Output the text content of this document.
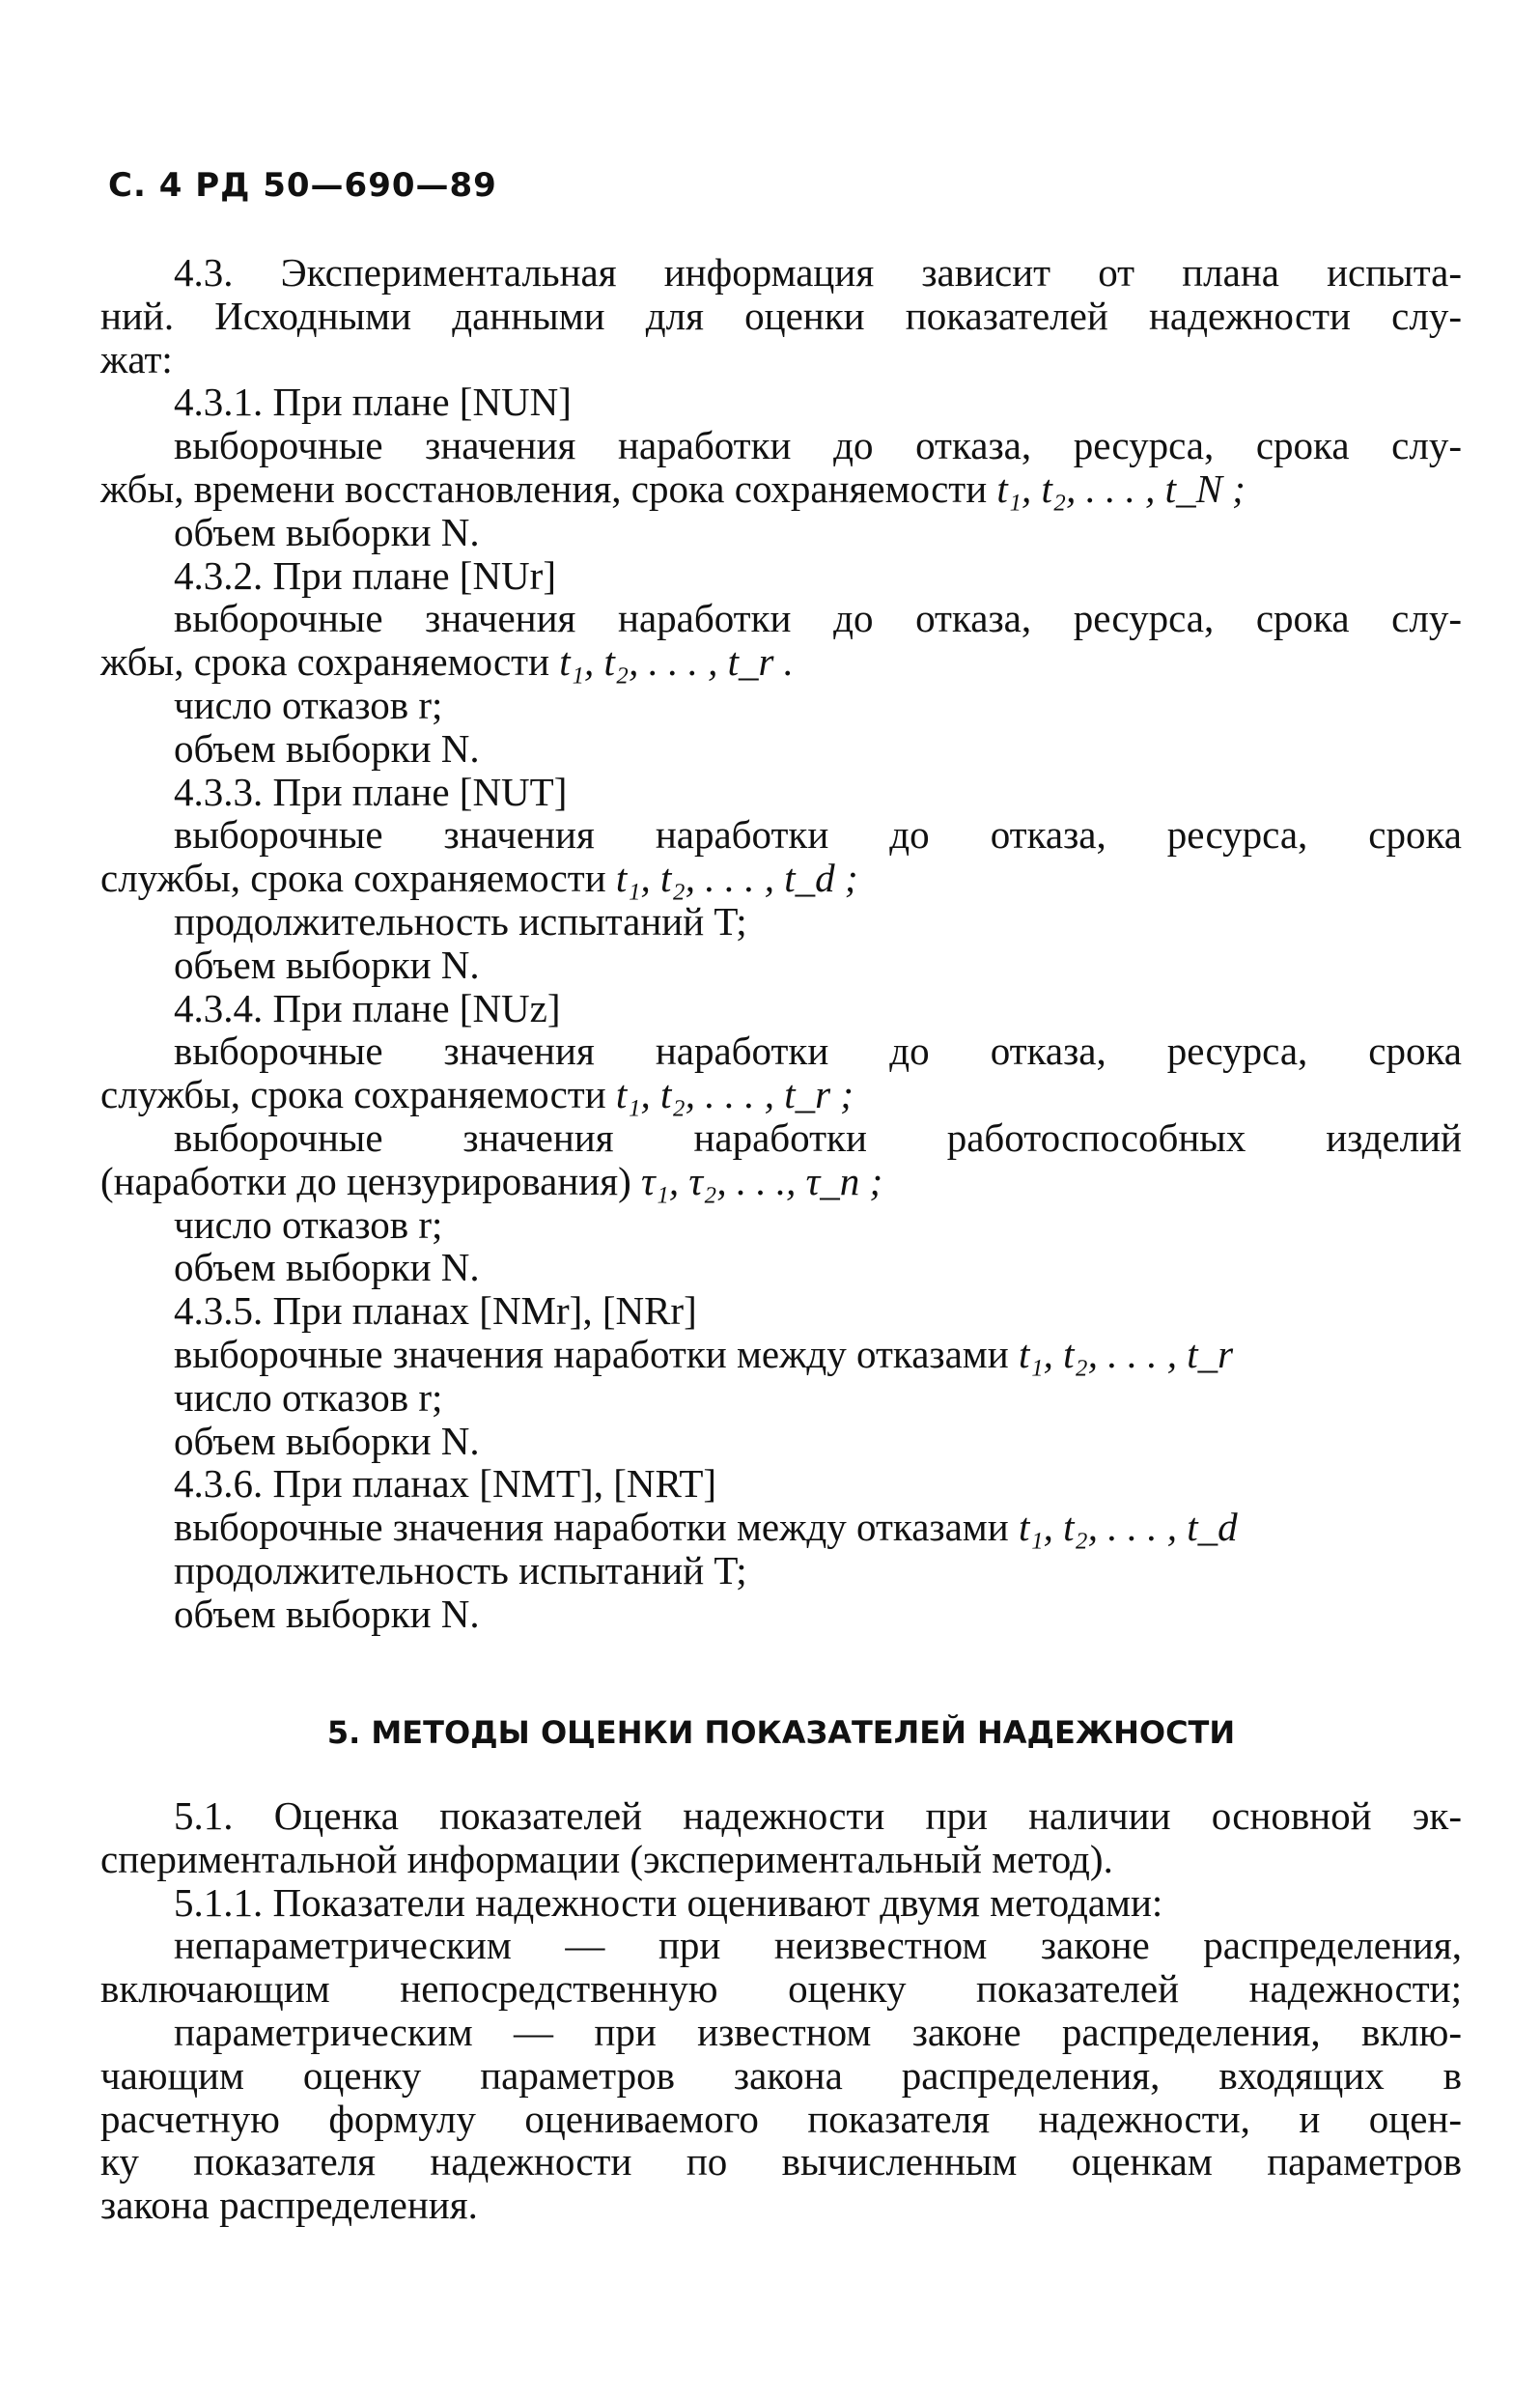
С. 4 РД 50—690—89
4.3. Экспериментальная информация зависит от плана испыта-
ний. Исходными данными для оценки показателей надежности слу-
жат:
4.3.1. При плане [NUN]
выборочные значения наработки до отказа, ресурса, срока слу-
жбы, времени восстановления, срока сохраняемости t₁, t₂, . . . , t_N ;
объем выборки N.
4.3.2. При плане [NUr]
выборочные значения наработки до отказа, ресурса, срока слу-
жбы, срока сохраняемости t₁, t₂, . . . , t_r .
число отказов r;
объем выборки N.
4.3.3. При плане [NUT]
выборочные значения наработки до отказа, ресурса, срока
службы, срока сохраняемости t₁, t₂, . . . , t_d ;
продолжительность испытаний T;
объем выборки N.
4.3.4. При плане [NUz]
выборочные значения наработки до отказа, ресурса, срока
службы, срока сохраняемости t₁, t₂, . . . , t_r ;
выборочные значения наработки работоспособных изделий
(наработки до цензурирования) τ₁, τ₂, . . ., τ_n ;
число отказов r;
объем выборки N.
4.3.5. При планах [NMr], [NRr]
выборочные значения наработки между отказами t₁, t₂, . . . , t_r
число отказов r;
объем выборки N.
4.3.6. При планах [NMT], [NRT]
выборочные значения наработки между отказами t₁, t₂, . . . , t_d
продолжительность испытаний T;
объем выборки N.
5. МЕТОДЫ ОЦЕНКИ ПОКАЗАТЕЛЕЙ НАДЕЖНОСТИ
5.1. Оценка показателей надежности при наличии основной эк-
спериментальной информации (экспериментальный метод).
5.1.1. Показатели надежности оценивают двумя методами:
непараметрическим — при неизвестном законе распределения,
включающим непосредственную оценку показателей надежности;
параметрическим — при известном законе распределения, вклю-
чающим оценку параметров закона распределения, входящих в
расчетную формулу оцениваемого показателя надежности, и оцен-
ку показателя надежности по вычисленным оценкам параметров
закона распределения.
